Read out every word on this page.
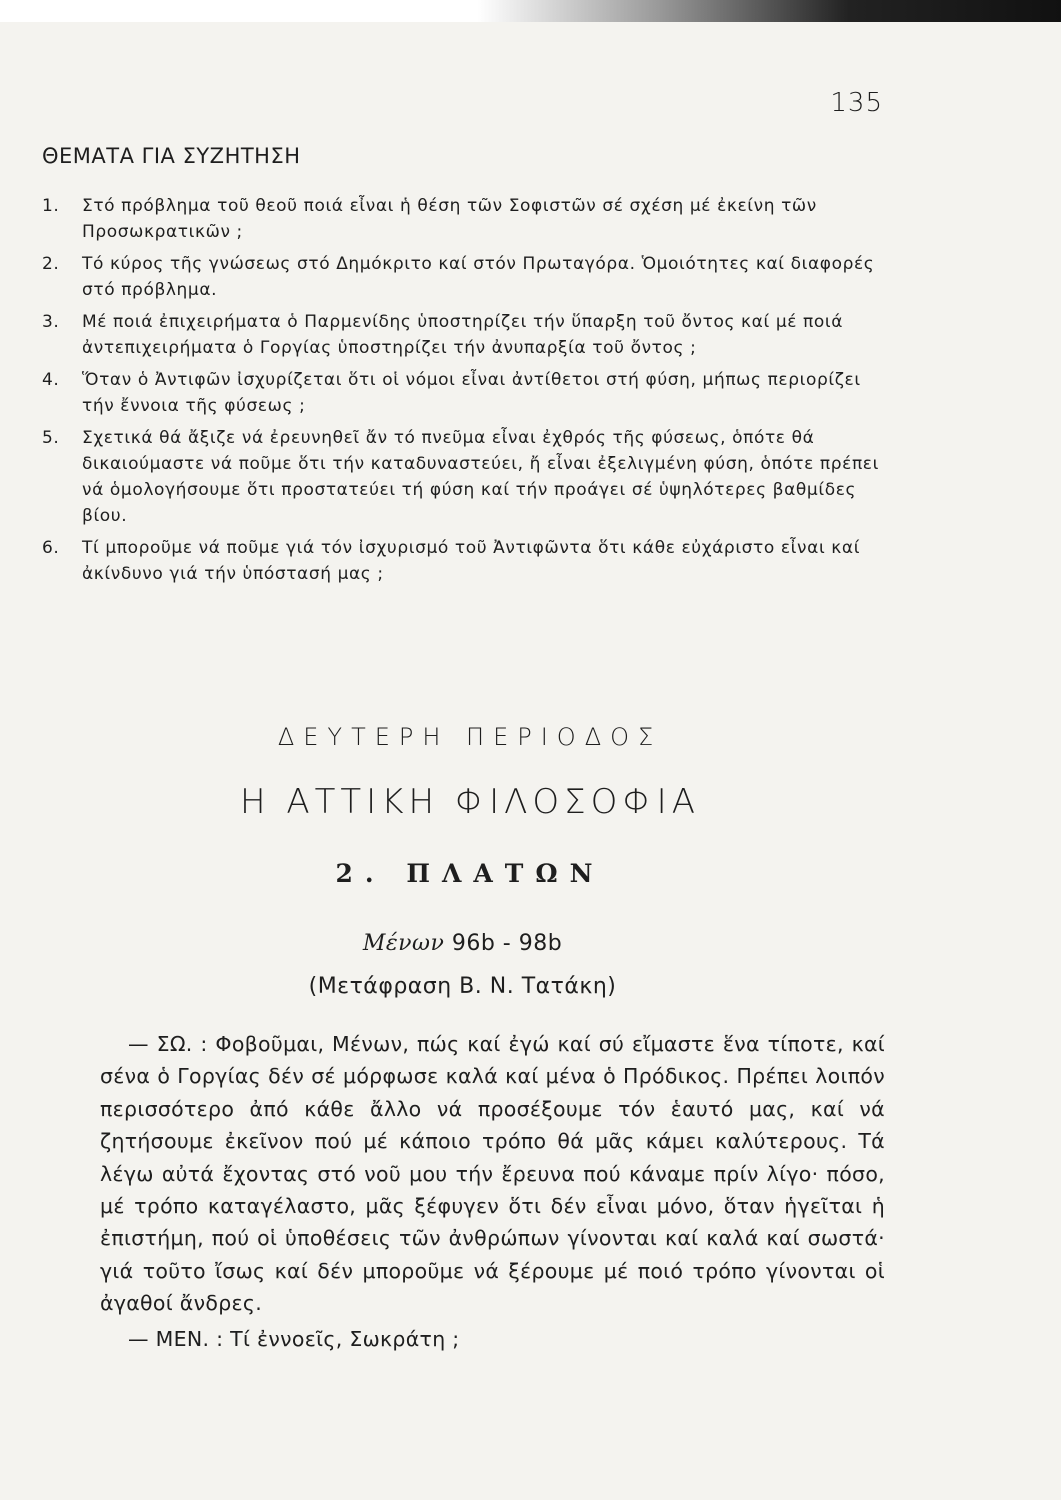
135
ΘΕΜΑΤΑ ΓΙΑ ΣΥΖΗΤΗΣΗ
1. Στό πρόβλημα τοῦ θεοῦ ποιά εἶναι ἡ θέση τῶν Σοφιστῶν σέ σχέση μέ ἐκείνη τῶν Προσωκρατικῶν ;
2. Τό κύρος τῆς γνώσεως στό Δημόκριτο καί στόν Πρωταγόρα. Ὁμοιότητες καί διαφορές στό πρόβλημα.
3. Μέ ποιά ἐπιχειρήματα ὁ Παρμενίδης ὑποστηρίζει τήν ὕπαρξη τοῦ ὄντος καί μέ ποιά ἀντεπιχειρήματα ὁ Γοργίας ὑποστηρίζει τήν ἀνυπαρξία τοῦ ὄντος ;
4. Ὅταν ὁ Ἀντιφῶν ἰσχυρίζεται ὅτι οἱ νόμοι εἶναι ἀντίθετοι στή φύση, μήπως περιορίζει τήν ἔννοια τῆς φύσεως ;
5. Σχετικά θά ἄξιζε νά ἐρευνηθεῖ ἄν τό πνεῦμα εἶναι ἐχθρός τῆς φύσεως, ὁπότε θά δικαιούμαστε νά ποῦμε ὅτι τήν καταδυναστεύει, ἤ εἶναι ἐξελιγμένη φύση, ὁπότε πρέπει νά ὁμολογήσουμε ὅτι προστατεύει τή φύση καί τήν προάγει σέ ὑψηλότερες βαθμίδες βίου.
6. Τί μποροῦμε νά ποῦμε γιά τόν ἰσχυρισμό τοῦ Ἀντιφῶντα ὅτι κάθε εὐχάριστο εἶναι καί ἀκίνδυνο γιά τήν ὑπόστασή μας ;
ΔΕΥΤΕΡΗ ΠΕΡΙΟΔΟΣ
Η ΑΤΤΙΚΗ ΦΙΛΟΣΟΦΙΑ
2. ΠΛΑΤΩΝ
Μένων 96b - 98b
(Μετάφραση Β. Ν. Τατάκη)

— ΣΩ. : Φοβοῦμαι, Μένων, πώς καί ἐγώ καί σύ εἴμαστε ἕνα τίποτε, καί σένα ὁ Γοργίας δέν σέ μόρφωσε καλά καί μένα ὁ Πρόδικος. Πρέπει λοιπόν περισσότερο ἀπό κάθε ἄλλο νά προσέξουμε τόν ἑαυτό μας, καί νά ζητήσουμε ἐκεῖνον πού μέ κάποιο τρόπο θά μᾶς κάμει καλύτερους. Τά λέγω αὐτά ἔχοντας στό νοῦ μου τήν ἔρευνα πού κάναμε πρίν λίγο· πόσο, μέ τρόπο καταγέλαστο, μᾶς ξέφυγεν ὅτι δέν εἶναι μόνο, ὅταν ἡγεῖται ἡ ἐπιστήμη, πού οἱ ὑποθέσεις τῶν ἀνθρώπων γίνονται καί καλά καί σωστά· γιά τοῦτο ἴσως καί δέν μποροῦμε νά ξέρουμε μέ ποιό τρόπο γίνονται οἱ ἀγαθοί ἄνδρες.

— ΜΕΝ. : Τί ἐννοεῖς, Σωκράτη ;
